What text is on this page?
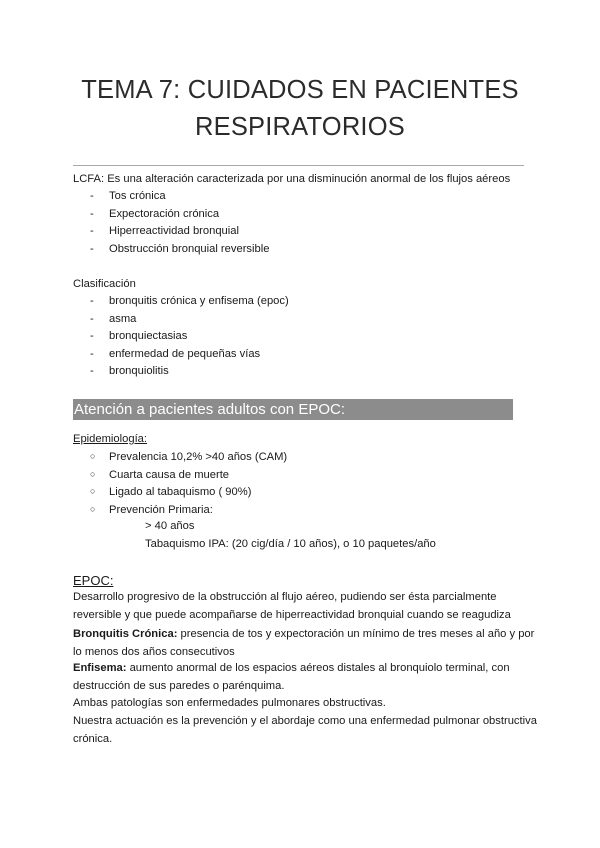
TEMA 7: CUIDADOS EN PACIENTES
RESPIRATORIOS
LCFA: Es una alteración caracterizada por una disminución anormal de los flujos aéreos
- Tos crónica
- Expectoración crónica
- Hiperreactividad bronquial
- Obstrucción bronquial reversible
Clasificación
- bronquitis crónica y enfisema (epoc)
- asma
- bronquiectasias
- enfermedad de pequeñas vías
- bronquiolitis
Atención a pacientes adultos con EPOC:
Epidemiología:
○ Prevalencia 10,2% >40 años (CAM)
○ Cuarta causa de muerte
○ Ligado al tabaquismo ( 90%)
○ Prevención Primaria:
> 40 años
Tabaquismo IPA: (20 cig/día / 10 años), o 10 paquetes/año
EPOC:
Desarrollo progresivo de la obstrucción al flujo aéreo, pudiendo ser ésta parcialmente reversible y que puede acompañarse de hiperreactividad bronquial cuando se reagudiza
Bronquitis Crónica: presencia de tos y expectoración un mínimo de tres meses al año y por lo menos dos años consecutivos
Enfisema: aumento anormal de los espacios aéreos distales al bronquiolo terminal, con destrucción de sus paredes o parénquima.
Ambas patologías son enfermedades pulmonares obstructivas.
Nuestra actuación es la prevención y el abordaje como una enfermedad pulmonar obstructiva crónica.
